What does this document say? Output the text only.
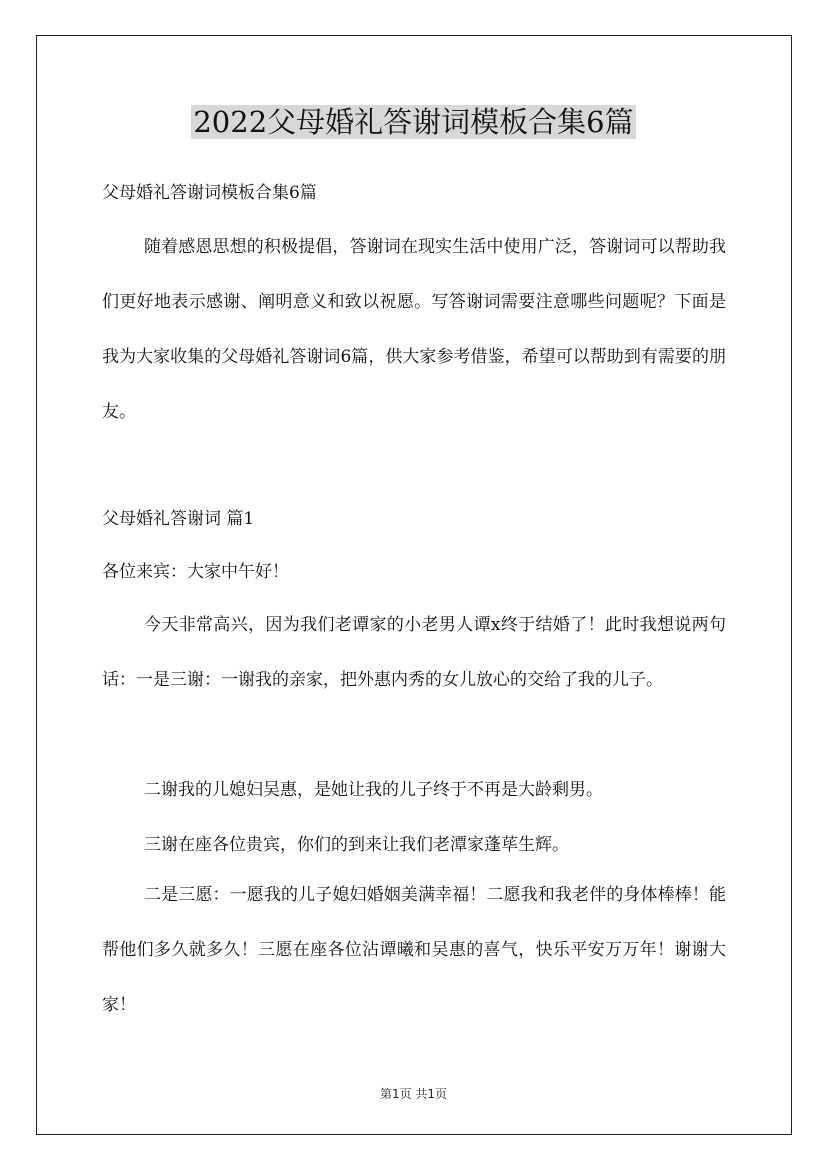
2022父母婚礼答谢词模板合集6篇
父母婚礼答谢词模板合集6篇
随着感恩思想的积极提倡，答谢词在现实生活中使用广泛，答谢词可以帮助我们更好地表示感谢、阐明意义和致以祝愿。写答谢词需要注意哪些问题呢？下面是我为大家收集的父母婚礼答谢词6篇，供大家参考借鉴，希望可以帮助到有需要的朋友。
父母婚礼答谢词 篇1
各位来宾：大家中午好！
今天非常高兴，因为我们老谭家的小老男人谭x终于结婚了！此时我想说两句话：一是三谢：一谢我的亲家，把外惠内秀的女儿放心的交给了我的儿子。
二谢我的儿媳妇吴惠，是她让我的儿子终于不再是大龄剩男。
三谢在座各位贵宾，你们的到来让我们老潭家蓬荜生辉。
二是三愿：一愿我的儿子媳妇婚姻美满幸福！二愿我和我老伴的身体棒棒！能帮他们多久就多久！三愿在座各位沾谭曦和吴惠的喜气，快乐平安万万年！谢谢大家！
第1页 共1页
